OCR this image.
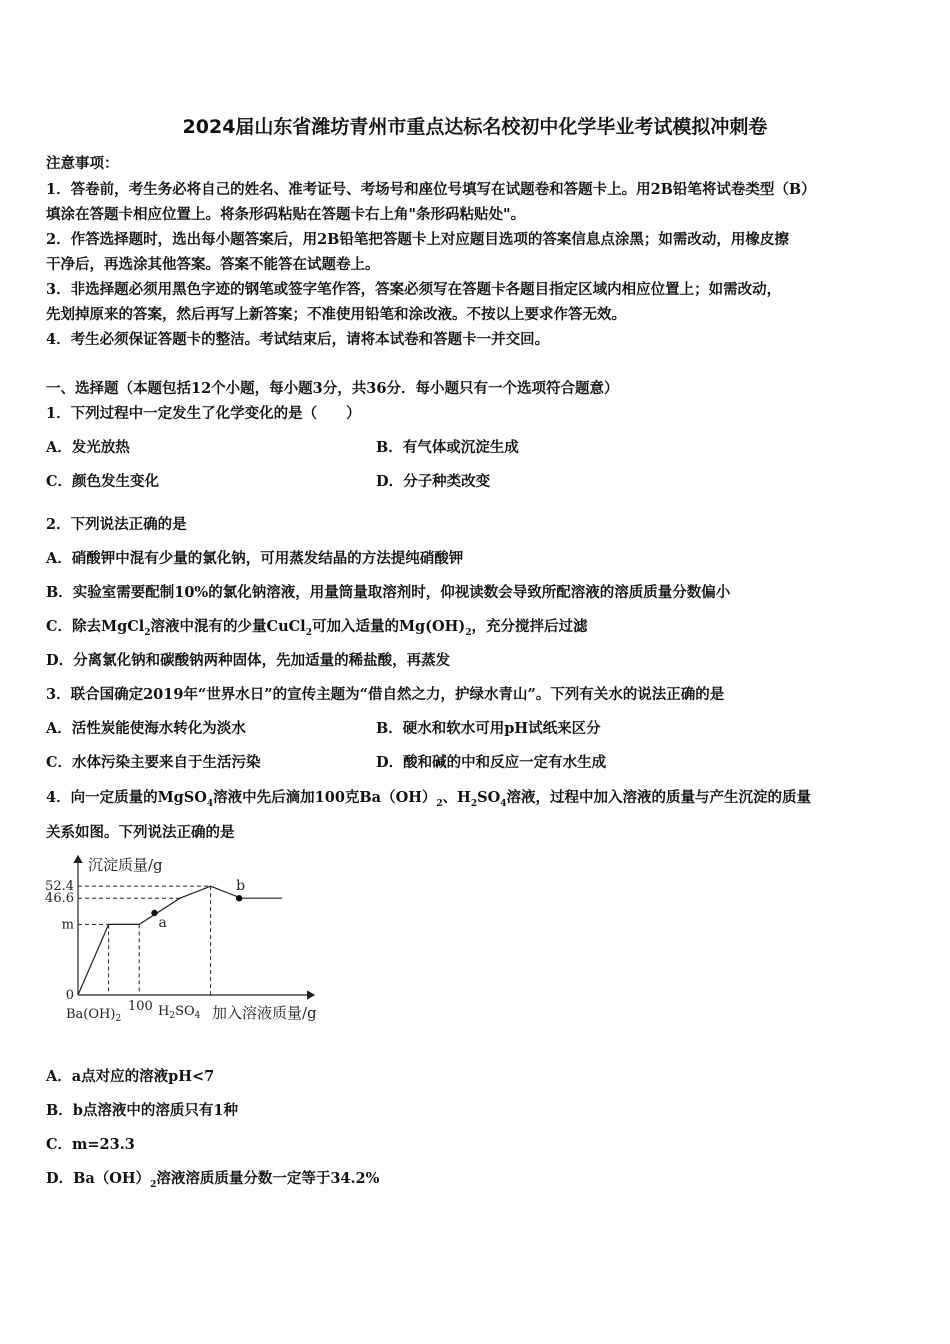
2024届山东省潍坊青州市重点达标名校初中化学毕业考试模拟冲刺卷
注意事项：
1．答卷前，考生务必将自己的姓名、准考证号、考场号和座位号填写在试题卷和答题卡上。用2B铅笔将试卷类型（B）
填涂在答题卡相应位置上。将条形码粘贴在答题卡右上角"条形码粘贴处"。
2．作答选择题时，选出每小题答案后，用2B铅笔把答题卡上对应题目选项的答案信息点涂黑；如需改动，用橡皮擦
干净后，再选涂其他答案。答案不能答在试题卷上。
3．非选择题必须用黑色字迹的钢笔或签字笔作答，答案必须写在答题卡各题目指定区域内相应位置上；如需改动，
先划掉原来的答案，然后再写上新答案；不准使用铅笔和涂改液。不按以上要求作答无效。
4．考生必须保证答题卡的整洁。考试结束后，请将本试卷和答题卡一并交回。
一、选择题（本题包括12个小题，每小题3分，共36分．每小题只有一个选项符合题意）
1．下列过程中一定发生了化学变化的是（　　）
A．发光放热	B．有气体或沉淀生成
C．颜色发生变化	D．分子种类改变
2．下列说法正确的是
A．硝酸钾中混有少量的氯化钠，可用蒸发结晶的方法提纯硝酸钾
B．实验室需要配制10%的氯化钠溶液，用量筒量取溶剂时，仰视读数会导致所配溶液的溶质质量分数偏小
C．除去MgCl$_2$溶液中混有的少量CuCl$_2$可加入适量的$Mg(OH)_2$，充分搅拌后过滤
D．分离氯化钠和碳酸钠两种固体，先加适量的稀盐酸，再蒸发
3．联合国确定2019年“世界水日”的宣传主题为“借自然之力，护绿水青山”。下列有关水的说法正确的是
A．活性炭能使海水转化为淡水	B．硬水和软水可用pH试纸来区分
C．水体污染主要来自于生活污染	D．酸和碱的中和反应一定有水生成
4．向一定质量的MgSO$_4$溶液中先后滴加100克$Ba(OH)_2$、$H_2SO_4$溶液，过程中加入溶液的质量与产生沉淀的质量
关系如图。下列说法正确的是
沉淀质量/g
加入溶液质量/g
52.4
46.6
m
0
a
b
$Ba(OH)_2$
100 $H_2SO_4$
A．a点对应的溶液pH<7
B．b点溶液中的溶质只有1种
C．m=23.3
D．$Ba(OH)_2$溶液溶质质量分数一定等于34.2%
